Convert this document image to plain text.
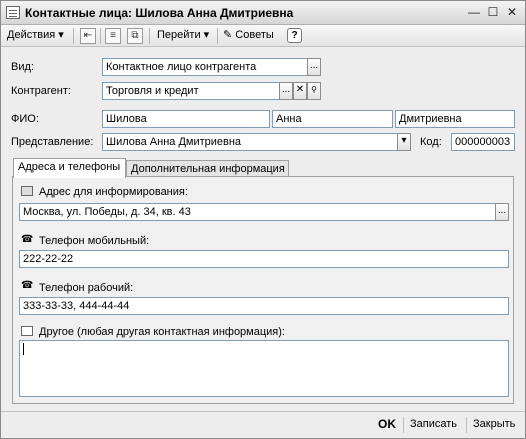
Контактные лица: Шилова Анна Дмитриевна	— ☐ ✕
Действия ▾	⇤	≡	⧉	Перейти ▾ ✎ Советы	?
Вид:	Контактное лицо контрагента	...
Контрагент:	Торговля и кредит	... ✕ ⚲
ФИО:	Шилова	Анна	Дмитриевна
Представление:	Шилова Анна Дмитриевна	▾	Код:	000000003
Адреса и телефоны Дополнительная информация
Адрес для информирования:
Москва, ул. Победы, д. 34, кв. 43	...
☎ Телефон мобильный:
222-22-22
☎ Телефон рабочий:
333-33-33, 444-44-44
Другое (любая другая контактная информация):
OK Записать Закрыть
